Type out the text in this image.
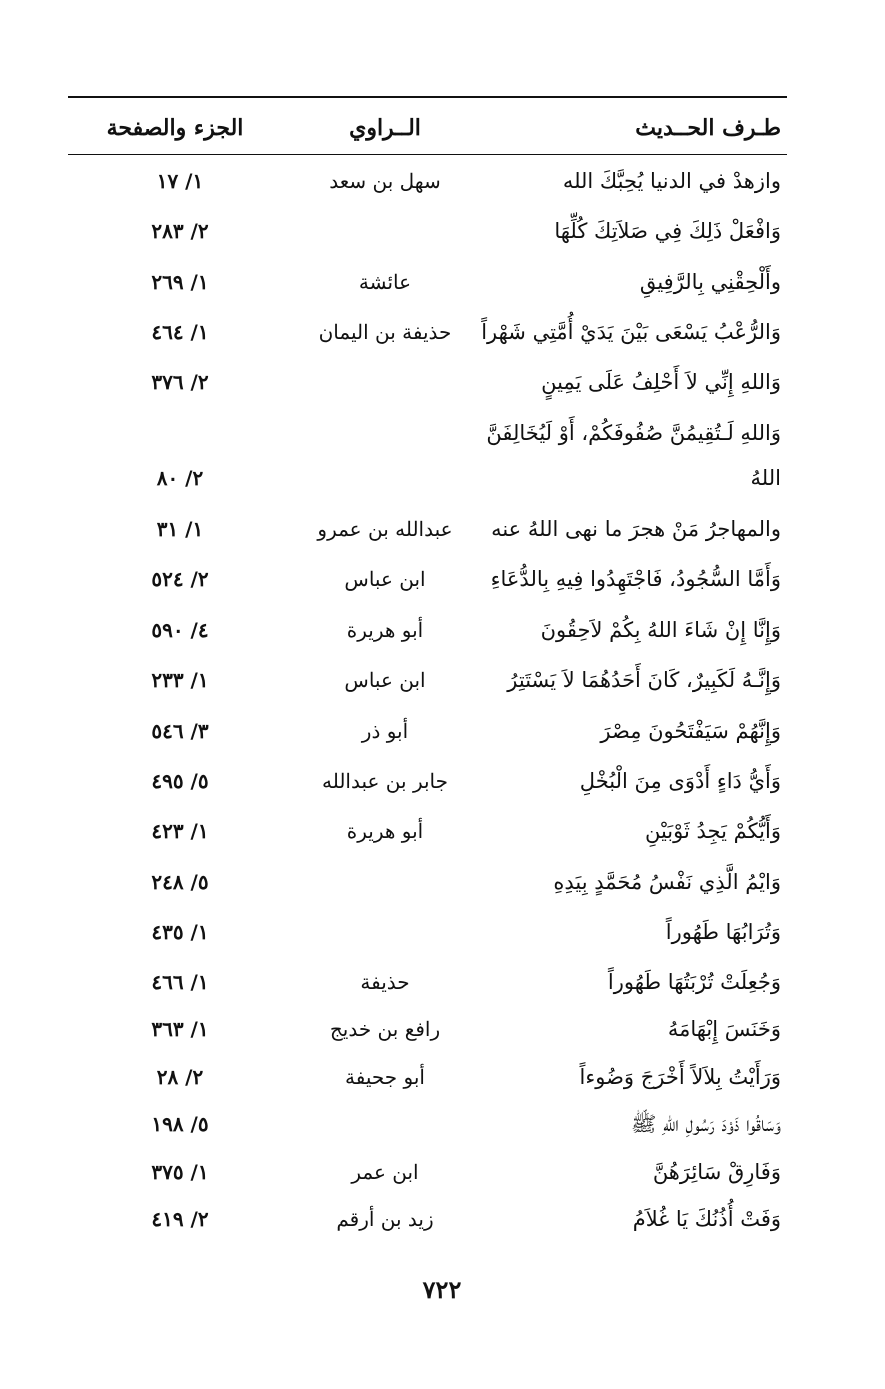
طـرف الحــديث
الــراوي
الجزء والصفحة
وازهدْ في الدنيا يُحِبَّكَ الله
سهل بن سعد
١/ ١٧
وَافْعَلْ ذَلِكَ فِي صَلاَتِكَ كُلِّهَا
٢/ ٢٨٣
وأَلْحِقْنِي بِالرَّفِيقِ
عائشة
١/ ٢٦٩
وَالرُّعْبُ يَسْعَى بَيْنَ يَدَيْ أُمَّتِي شَهْراً
حذيفة بن اليمان
١/ ٤٦٤
وَاللهِ إِنِّي لاَ أَحْلِفُ عَلَى يَمِينٍ
٢/ ٣٧٦
وَاللهِ لَـتُقِيمُنَّ صُفُوفَكُمْ، أَوْ لَيُخَالِفَنَّ
اللهُ
٢/ ٨٠
والمهاجرُ مَنْ هجرَ ما نهى اللهُ عنه
عبدالله بن عمرو
١/ ٣١
وَأَمَّا السُّجُودُ، فَاجْتَهِدُوا فِيهِ بِالدُّعَاءِ
ابن عباس
٢/ ٥٢٤
وَإِنَّا إِنْ شَاءَ اللهُ بِكُمْ لاَحِقُونَ
أبو هريرة
٤/ ٥٩٠
وَإِنَّـهُ لَكَبِيرٌ، كَانَ أَحَدُهُمَا لاَ يَسْتَتِرُ
ابن عباس
١/ ٢٣٣
وَإِنَّهُمْ سَيَفْتَحُونَ مِصْرَ
أبو ذر
٣/ ٥٤٦
وَأَيُّ دَاءٍ أَدْوَى مِنَ الْبُخْلِ
جابر بن عبدالله
٥/ ٤٩٥
وَأَيُّكُمْ يَجِدُ ثَوْبَيْنِ
أبو هريرة
١/ ٤٢٣
وَايْمُ الَّذِي نَفْسُ مُحَمَّدٍ بِيَدِهِ
٥/ ٢٤٨
وَتُرَابُهَا طَهُوراً
١/ ٤٣٥
وَجُعِلَتْ تُرْبَتُهَا طَهُوراً
حذيفة
١/ ٤٦٦
وَخَنَسَ إِبْهَامَهُ
رافع بن خديج
١/ ٣٦٣
وَرَأَيْتُ بِلاَلاً أَخْرَجَ وَضُوءاً
أبو جحيفة
٢/ ٢٨
وَسَاقُوا ذَوْدَ رَسُولِ اللهِ ﷺ
٥/ ١٩٨
وَفَارِقْ سَائِرَهُنَّ
ابن عمر
١/ ٣٧٥
وَفَتْ أُذُنُكَ يَا غُلاَمُ
زيد بن أرقم
٢/ ٤١٩
٧٢٢
